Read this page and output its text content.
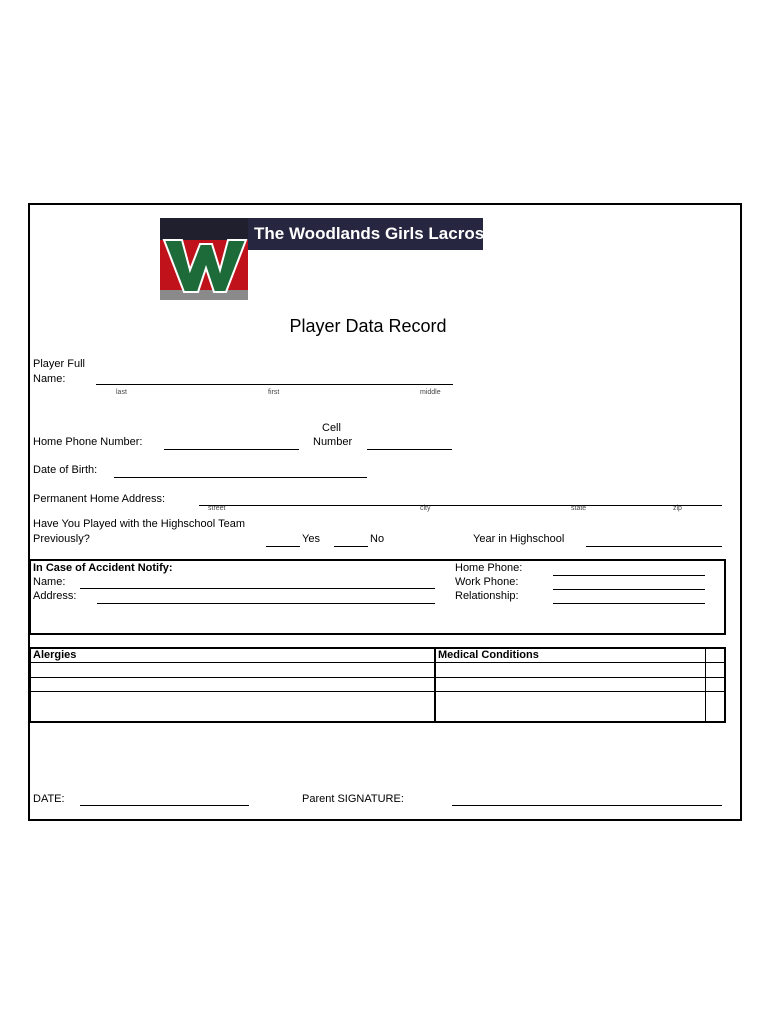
The Woodlands Girls Lacrosse
Player Data Record
Player Full
Name:
last	first	middle
Home Phone Number:
Cell
Number
Date of Birth:
Permanent Home Address:
street	city	state	zip
Have You Played with the Highschool Team
Previously?	Yes	No	Year in Highschool
In Case of Accident Notify:
Name:
Address:
Home Phone:
Work Phone:
Relationship:
Alergies	Medical Conditions
DATE:	Parent SIGNATURE:
